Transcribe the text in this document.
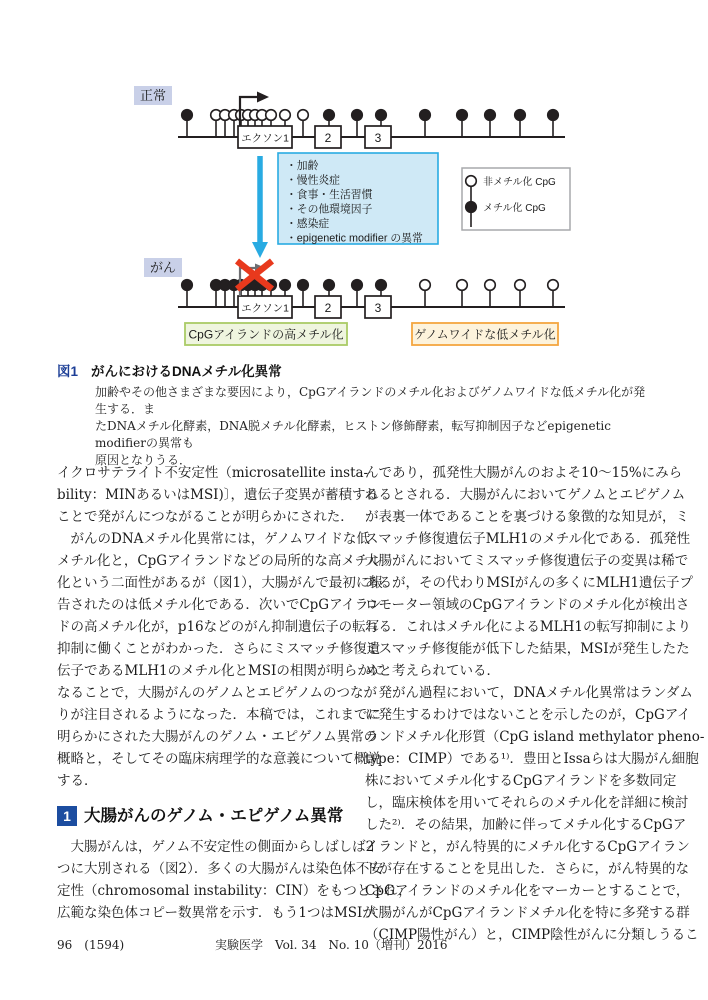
正常
エクソン1	2	3
・加齢
・慢性炎症
・食事・生活習慣
・その他環境因子
・感染症
・epigenetic modifier の異常
非メチル化 CpG
メチル化 CpG
がん
エクソン1	2	3
CpGアイランドの高メチル化	ゲノムワイドな低メチル化
図1 がんにおけるDNAメチル化異常
加齢やその他さまざまな要因により，CpGアイランドのメチル化およびゲノムワイドな低メチル化が発生する．ま
たDNAメチル化酵素，DNA脱メチル化酵素，ヒストン修飾酵素，転写抑制因子などepigenetic modifierの異常も
原因となりうる．
イクロサテライト不安定性（microsatellite insta-
bility：MINあるいはMSI)〕，遺伝子変異が蓄積する
ことで発がんにつながることが明らかにされた．
　がんのDNAメチル化異常には，ゲノムワイドな低
メチル化と，CpGアイランドなどの局所的な高メチル
化という二面性があるが（図1），大腸がんで最初に報
告されたのは低メチル化である．次いでCpGアイラン
ドの高メチル化が，p16などのがん抑制遺伝子の転写
抑制に働くことがわかった．さらにミスマッチ修復遺
伝子であるMLH1のメチル化とMSIの相関が明らかに
なることで，大腸がんのゲノムとエピゲノムのつなが
りが注目されるようになった．本稿では，これまでに
明らかにされた大腸がんのゲノム・エピゲノム異常の
概略と，そしてその臨床病理学的な意義について概説
する．
1 大腸がんのゲノム・エピゲノム異常
　大腸がんは，ゲノム不安定性の側面からしばしば2
つに大別される（図2）．多くの大腸がんは染色体不安
定性（chromosomal instability：CIN）をもつとされ，
広範な染色体コピー数異常を示す．もう1つはMSIが
んであり，孤発性大腸がんのおよそ10〜15%にみら
れるとされる．大腸がんにおいてゲノムとエピゲノム
が表裏一体であることを裏づける象徴的な知見が，ミ
スマッチ修復遺伝子MLH1のメチル化である．孤発性
大腸がんにおいてミスマッチ修復遺伝子の変異は稀で
あるが，その代わりMSIがんの多くにMLH1遺伝子プ
ロモーター領域のCpGアイランドのメチル化が検出さ
れる．これはメチル化によるMLH1の転写抑制により
ミスマッチ修復能が低下した結果，MSIが発生したた
めと考えられている．
　発がん過程において，DNAメチル化異常はランダム
に発生するわけではないことを示したのが，CpGアイ
ランドメチル化形質（CpG island methylator pheno-
type：CIMP）である¹⁾．豊田とIssaらは大腸がん細胞
株においてメチル化するCpGアイランドを多数同定
し，臨床検体を用いてそれらのメチル化を詳細に検討
した²⁾．その結果，加齢に伴ってメチル化するCpGア
イランドと，がん特異的にメチル化するCpGアイラン
ドが存在することを見出した．さらに，がん特異的な
CpGアイランドのメチル化をマーカーとすることで，
大腸がんがCpGアイランドメチル化を特に多発する群
（CIMP陽性がん）と，CIMP陰性がんに分類しうるこ
96　(1594)	実験医学　Vol. 34　No. 10（増刊）2016
